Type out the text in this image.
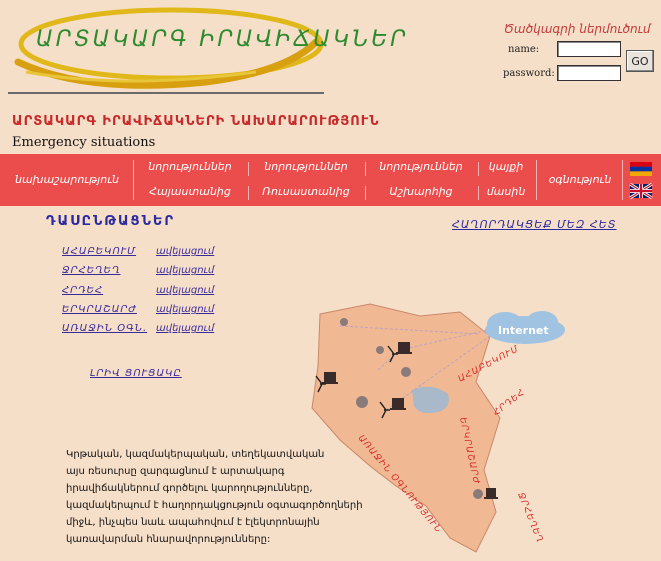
ԱՐՏԱԿԱՐԳ ԻՐԱՎԻՃԱԿՆԵՐ	Ծածկագրի ներմուծում
name:
password:
GO
ԱՐՏԱԿԱՐԳ ԻՐԱՎԻՃԱԿՆԵՐԻ ՆԱԽԱՐԱՐՈՒԹՅՈՒՆ
Emergency situations
նախաշարություն
նորություններ
Հայաստանից
նորություններ
Ռուսաստանից
նորություններ
Աշխարհից
կայքի
մասին
օգնություն
ԴԱՍԸՆԹԱՑՆԵՐ	ՀԱՂՈՐԴԱԿՑԵՔ ՄԵԶ ՀԵՏ
ԱՀԱԲԵԿՈՒՄ ավելացում
ՋՐՀԵՂԵՂ	ավելացում
ՀՐԴԵՀ	ավելացում
ԵՐԿՐԱՇԱՐԺ ավելացում
ԱՌԱՋԻՆ ՕԳՆ. ավելացում
ԼՐԻՎ ՑՈՒՑԱԿԸ
Կրթական, կազմակերպական, տեղեկատվական
այս ռեսուրսը զարգացնում է արտակարգ
իրավիճակներում գործելու կարողությունները,
կազմակերպում է հաղորդակցություն օգտագործողների
միջև, ինչպես նաև ապահովում է էլեկտրոնային
կառավարման հնարավորությունները:
Internet
ԱՀԱԲԵԿՈՒՄ
ՀՐԴԵՀ
ԵՐԿՐԱՇԱՐԺ
ԱՌԱՋԻՆ ՕԳՆՈՒԹՅՈՒՆ	ՋՐՀԵՂԵՂ
